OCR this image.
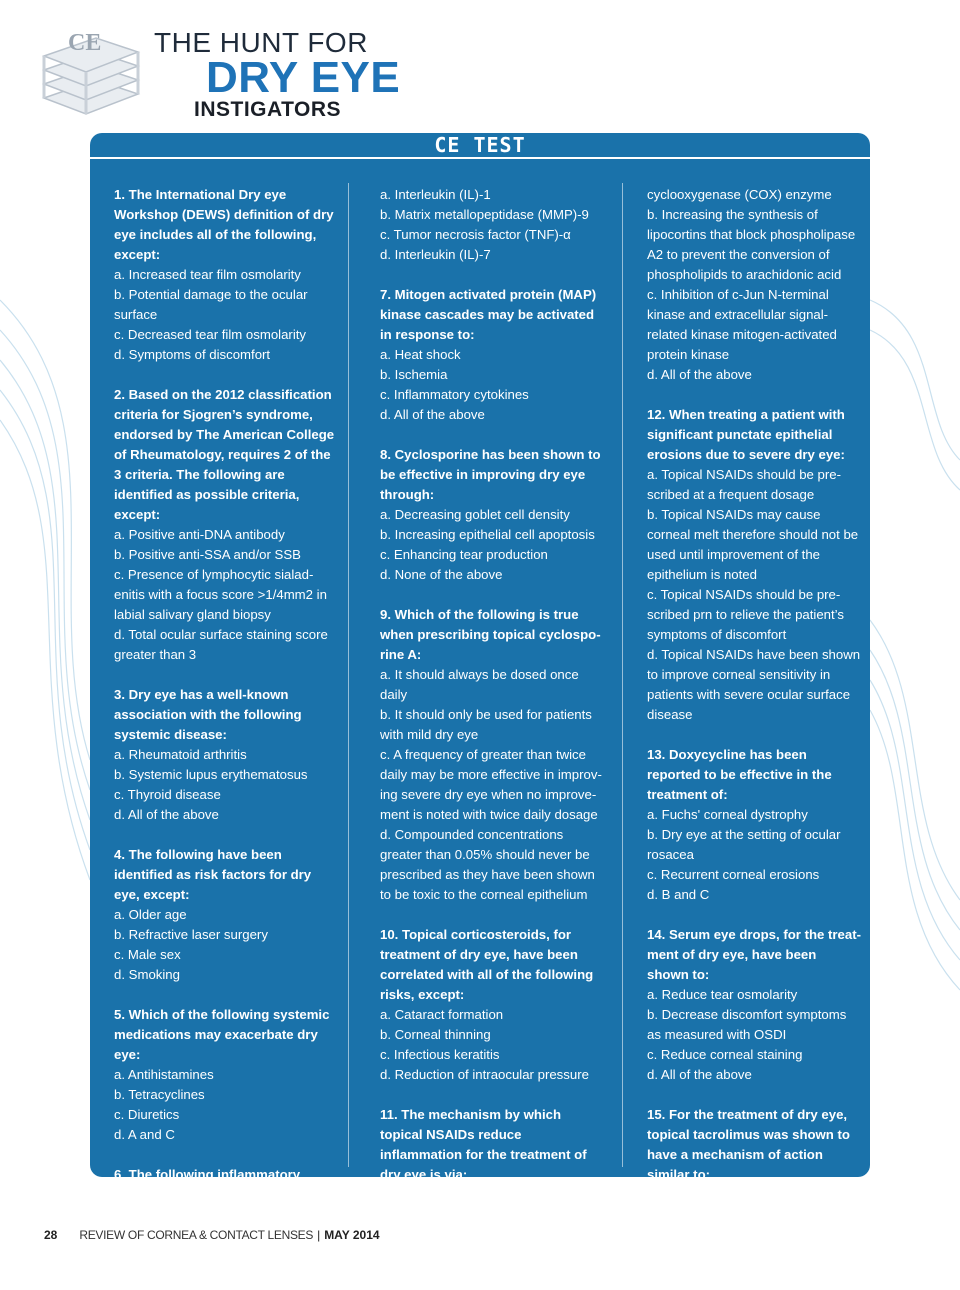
CE THE HUNT FOR
DRY EYE
INSTIGATORS
CE TEST

1. The International Dry eye Workshop (DEWS) definition of dry eye includes all of the following, except:

a. Increased tear film osmolarity

b. Potential damage to the ocular surface

c. Decreased tear film osmolarity

d. Symptoms of discomfort

2. Based on the 2012 classification criteria for Sjogren’s syndrome, endorsed by The American College of Rheumatology, requires 2 of the 3 criteria. The following are identified as possible criteria, except:

a. Positive anti-DNA antibody

b. Positive anti-SSA and/or SSB

c. Presence of lymphocytic sialadenitis with a focus score >1/4mm2 in labial salivary gland biopsy

d. Total ocular surface staining score greater than 3

3. Dry eye has a well-known association with the following systemic disease:

a. Rheumatoid arthritis

b. Systemic lupus erythematosus

c. Thyroid disease

d. All of the above

4. The following have been identified as risk factors for dry eye, except:

a. Older age

b. Refractive laser surgery

c. Male sex

d. Smoking

5. Which of the following systemic medications may exacerbate dry eye:

a. Antihistamines

b. Tetracyclines

c. Diuretics

d. A and C

6. The following inflammatory mediators have been found to play a role in dry eye, except:

a. Interleukin (IL)-1

b. Matrix metallopeptidase (MMP)-9

c. Tumor necrosis factor (TNF)-α

d. Interleukin (IL)-7

7. Mitogen activated protein (MAP) kinase cascades may be activated in response to:

a. Heat shock

b. Ischemia

c. Inflammatory cytokines

d. All of the above

8. Cyclosporine has been shown to be effective in improving dry eye through:

a. Decreasing goblet cell density

b. Increasing epithelial cell apoptosis

c. Enhancing tear production

d. None of the above

9. Which of the following is true when prescribing topical cyclosporine A:

a. It should always be dosed once daily

b. It should only be used for patients with mild dry eye

c. A frequency of greater than twice daily may be more effective in improving severe dry eye when no improvement is noted with twice daily dosage

d. Compounded concentrations greater than 0.05% should never be prescribed as they have been shown to be toxic to the corneal epithelium

10. Topical corticosteroids, for treatment of dry eye, have been correlated with all of the following risks, except:

a. Cataract formation

b. Corneal thinning

c. Infectious keratitis

d. Reduction of intraocular pressure

11. The mechanism by which topical NSAIDs reduce inflammation for the treatment of dry eye is via:

a. Inhibition of prostaglandins via the

cyclooxygenase (COX) enzyme

b. Increasing the synthesis of lipocortins that block phospholipase A2 to prevent the conversion of phospholipids to arachidonic acid

c. Inhibition of c-Jun N-terminal kinase and extracellular signal-related kinase mitogen-activated protein kinase

d. All of the above

12. When treating a patient with significant punctate epithelial erosions due to severe dry eye:

a. Topical NSAIDs should be prescribed at a frequent dosage

b. Topical NSAIDs may cause corneal melt therefore should not be used until improvement of the epithelium is noted

c. Topical NSAIDs should be prescribed prn to relieve the patient’s symptoms of discomfort

d. Topical NSAIDs have been shown to improve corneal sensitivity in patients with severe ocular surface disease

13. Doxycycline has been reported to be effective in the treatment of:

a. Fuchs' corneal dystrophy

b. Dry eye at the setting of ocular rosacea

c. Recurrent corneal erosions

d. B and C

14. Serum eye drops, for the treatment of dry eye, have been shown to:

a. Reduce tear osmolarity

b. Decrease discomfort symptoms as measured with OSDI

c. Reduce corneal staining

d. All of the above

15. For the treatment of dry eye, topical tacrolimus was shown to have a mechanism of action similar to:

a. Tetracyclines

b. NSAIDs

c. Cyclosporine A

28 REVIEW OF CORNEA & CONTACT LENSES | MAY 2014
